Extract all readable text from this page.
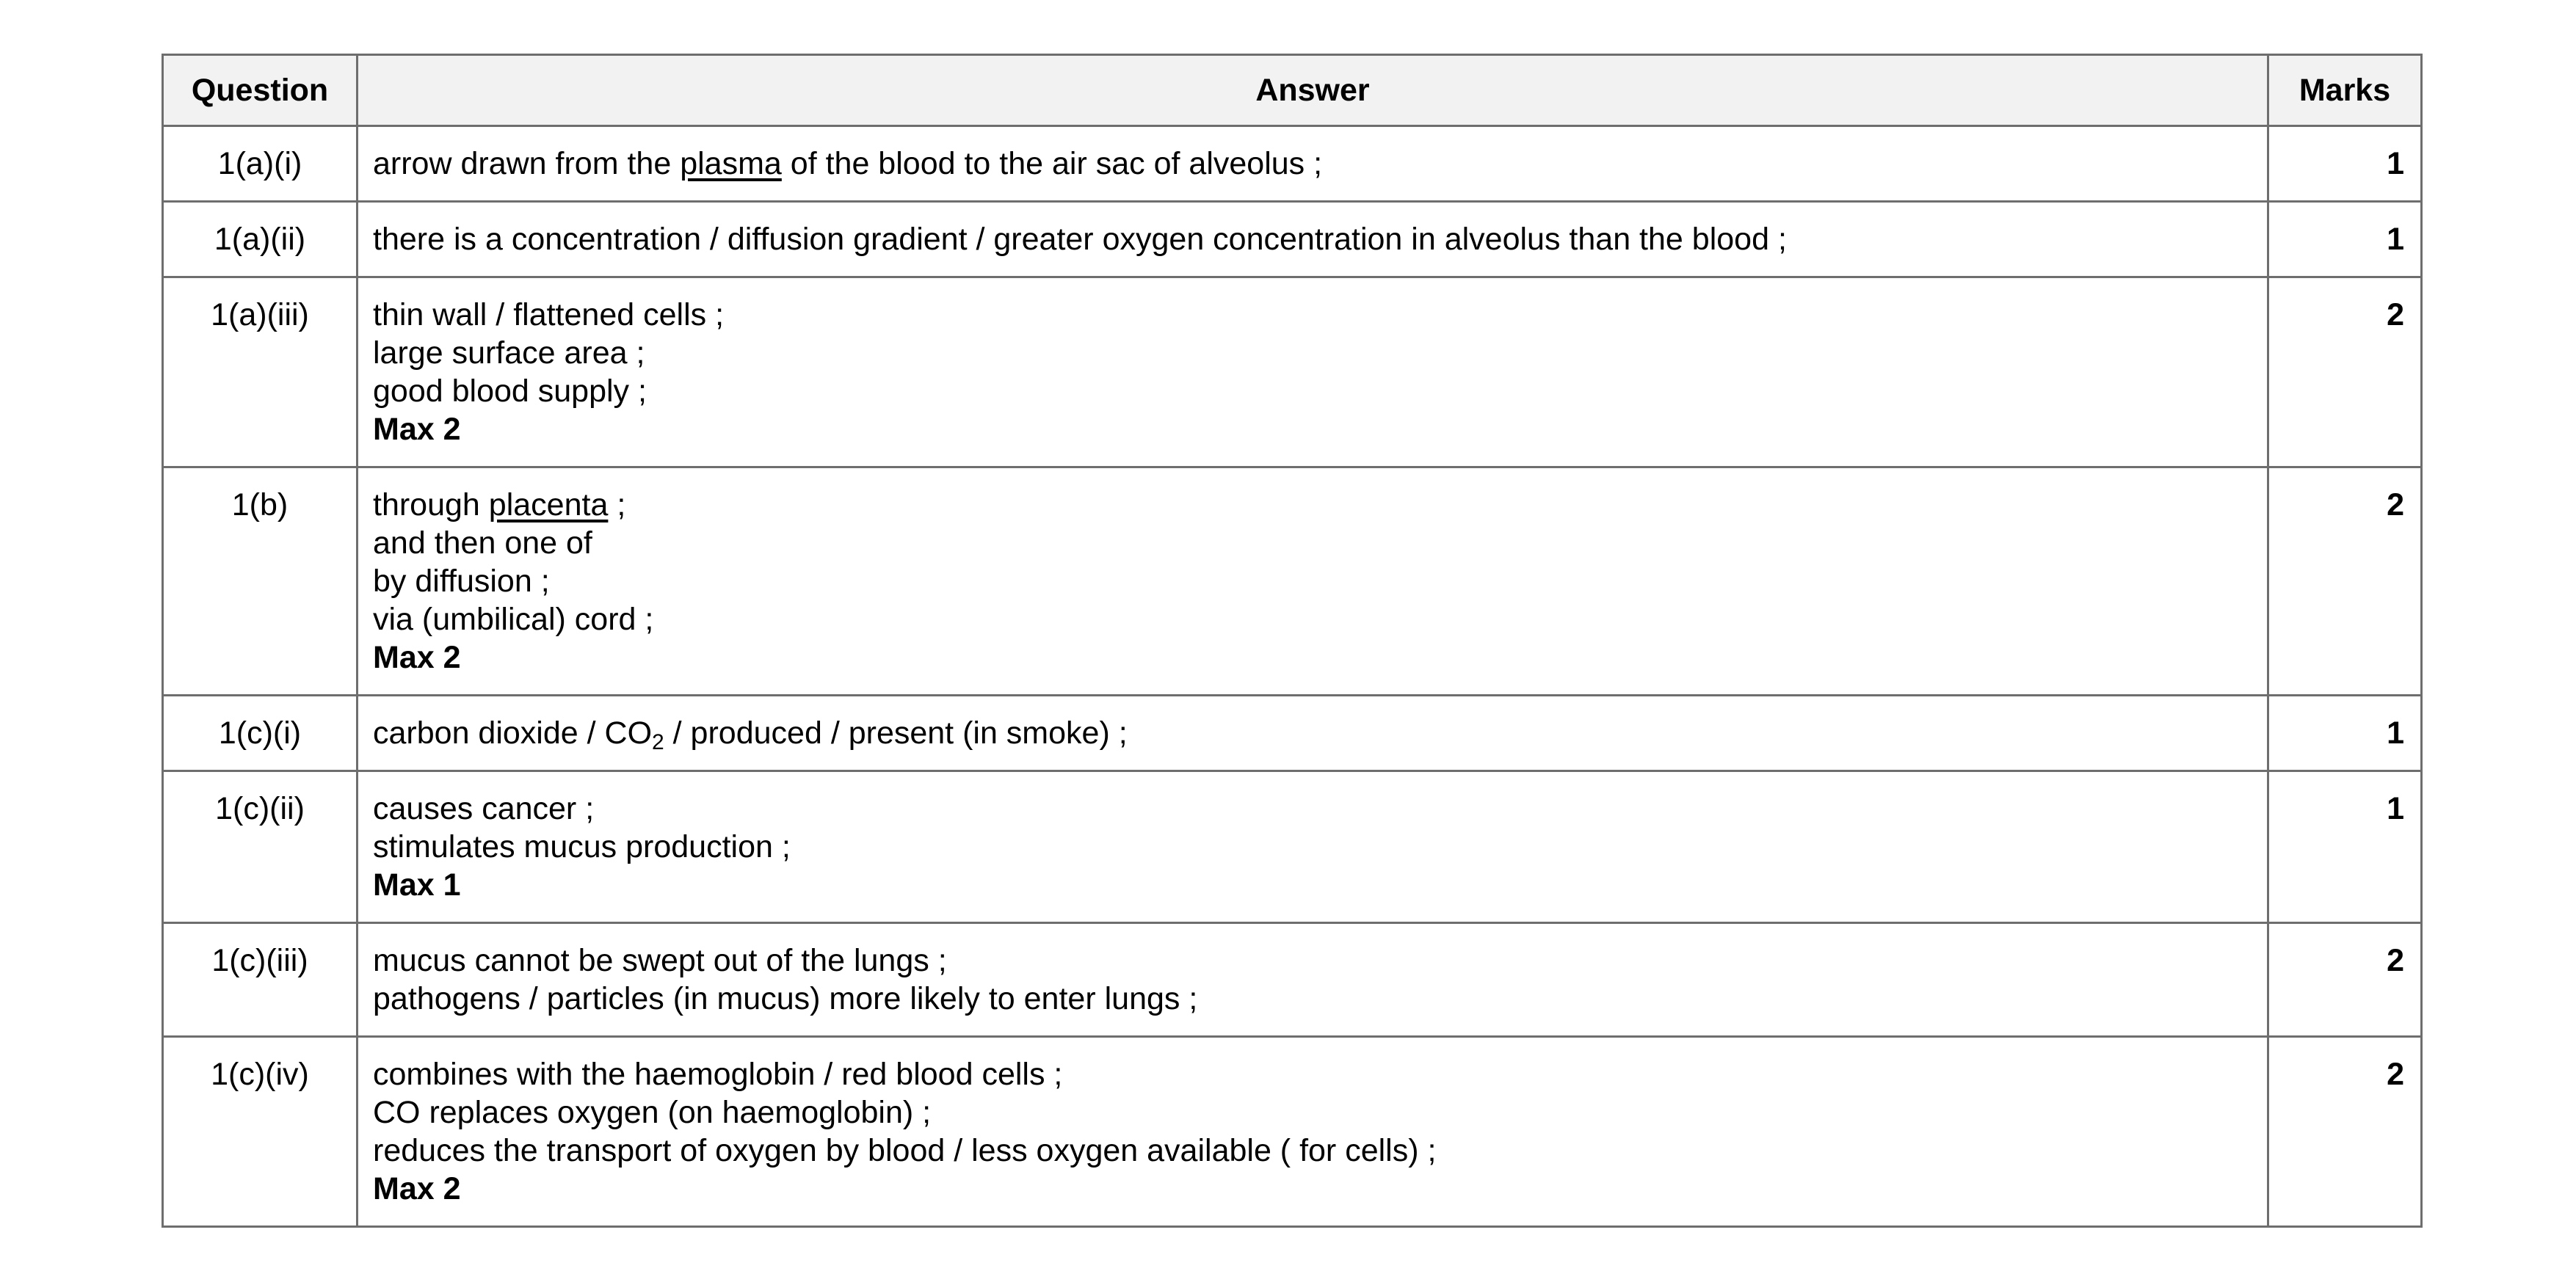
Question	Answer	Marks
1(a)(i)	arrow drawn from the plasma of the blood to the air sac of alveolus ;	1
1(a)(ii)	there is a concentration / diffusion gradient / greater oxygen concentration in alveolus than the blood ;	1
1(a)(iii)	thin wall / flattened cells ;
large surface area ;
good blood supply ;
Max 2	2
1(b)	through placenta ;
and then one of
by diffusion ;
via (umbilical) cord ;
Max 2	2
1(c)(i)	carbon dioxide / $CO_2$ / produced / present (in smoke) ;	1
1(c)(ii)	causes cancer ;
stimulates mucus production ;
Max 1	1
1(c)(iii)	mucus cannot be swept out of the lungs ;
pathogens / particles (in mucus) more likely to enter lungs ;	2
1(c)(iv)	combines with the haemoglobin / red blood cells ;
CO replaces oxygen (on haemoglobin) ;
reduces the transport of oxygen by blood / less oxygen available ( for cells) ;
Max 2	2
